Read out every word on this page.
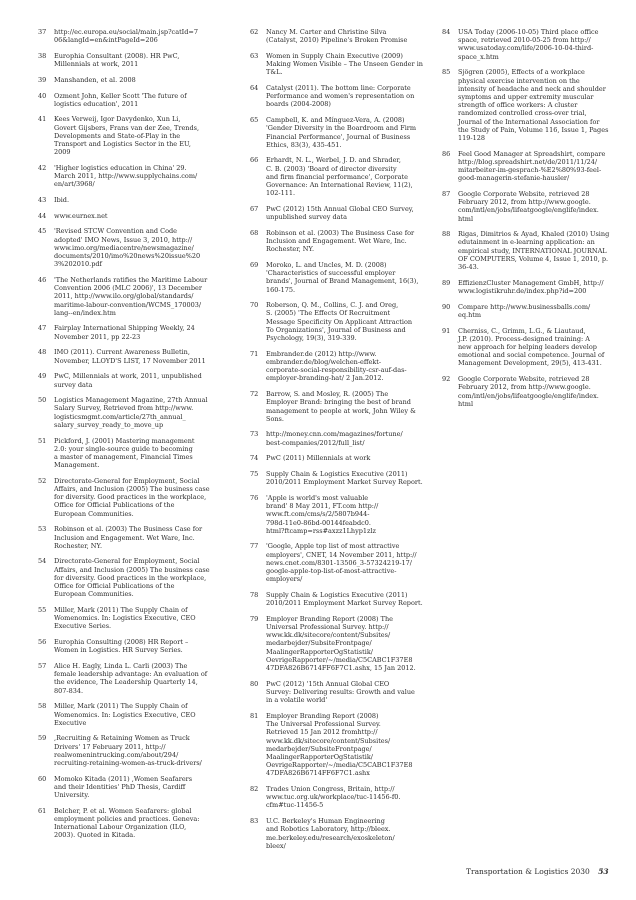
37	http://ec.europa.eu/social/main.jsp?catId=7
06&langId=en&intPageId=206
38	Europhia Consultant (2008). HR PwC,
Millennials at work, 2011
39	Manshanden, et al. 2008
40	Ozment John, Keller Scott 'The future of
logistics education', 2011
41	Kees Verweij, Igor Davydenko, Xun Li,
Govert Gijsbers, Frans van der Zee, Trends,
Developments and State-of-Play in the
Transport and Logistics Sector in the EU,
2009
42	'Higher logistics education in China' 29.
March 2011, http://www.supplychains.com/
en/art/3968/
43	Ibid.
44	www.eurnex.net
45	'Revised STCW Convention and Code
adopted' IMO News, Issue 3, 2010, http://
www.imo.org/mediacentre/newsmagazine/
documents/2010/imo%20news%20issue%20
3%202010.pdf
46	'The Netherlands ratifies the Maritime Labour
Convention 2006 (MLC 2006)', 13 December
2011, http://www.ilo.org/global/standards/
maritime-labour-convention/WCMS_170003/
lang--en/index.htm
47	Fairplay International Shipping Weekly, 24
November 2011, pp 22-23
48	IMO (2011). Current Awareness Bulletin,
November, LLOYD'S LIST, 17 November 2011
49	PwC, Millennials at work, 2011, unpublished
survey data
50	Logistics Management Magazine, 27th Annual
Salary Survey, Retrieved from http://www.
logisticsmgmt.com/article/27th_annual_
salary_survey_ready_to_move_up
51	Pickford, J. (2001) Mastering management
2.0: your single-source guide to becoming
a master of management, Financial Times
Management.
52	Directorate-General for Employment, Social
Affairs, and Inclusion (2005) The business case
for diversity. Good practices in the workplace,
Office for Official Publications of the
European Communities.
53	Robinson et al. (2003) The Business Case for
Inclusion and Engagement. Wet Ware, Inc.
Rochester, NY.
54	Directorate-General for Employment, Social
Affairs, and Inclusion (2005) The business case
for diversity. Good practices in the workplace,
Office for Official Publications of the
European Communities.
55	Miller, Mark (2011) The Supply Chain of
Womenomics. In: Logistics Executive, CEO
Executive Series.
56	Europhia Consulting (2008) HR Report –
Women in Logistics. HR Survey Series.
57	Alice H. Eagly, Linda L. Carli (2003) The
female leadership advantage: An evaluation of
the evidence, The Leadership Quarterly 14,
807-834.
58	Miller, Mark (2011) The Supply Chain of
Womenomics. In: Logistics Executive, CEO
Executive
59	,Recruiting & Retaining Women as Truck
Drivers' 17 February 2011, http://
realwomenintrucking.com/about/294/
recruiting-retaining-women-as-truck-drivers/
60	Momoko Kitada (2011) ,Women Seafarers
and their Identities' PhD Thesis, Cardiff
University.
61	Belcher, P. et al. Women Seafarers: global
employment policies and practices. Geneva:
International Labour Organization (ILO,
2003). Quoted in Kitada.
62	Nancy M. Carter and Christine Silva
(Catalyst, 2010) Pipeline's Broken Promise
63	Women in Supply Chain Executive (2009)
Making Women Visible – The Unseen Gender in
T&L.
64	Catalyst (2011). The bottom line: Corporate
Performance and women's representation on
boards (2004-2008)
65	Campbell, K. and Mínguez-Vera, A. (2008)
'Gender Diversity in the Boardroom and Firm
Financial Performance', Journal of Business
Ethics, 83(3), 435-451.
66	Erhardt, N. L., Werbel, J. D. and Shrader,
C. B. (2003) 'Board of director diversity
and firm financial performance', Corporate
Governance: An International Review, 11(2),
102-111.
67	PwC (2012) 15th Annual Global CEO Survey,
unpublished survey data
68	Robinson et al. (2003) The Business Case for
Inclusion and Engagement. Wet Ware, Inc.
Rochester, NY.
69	Moroko, L. and Uncles, M. D. (2008)
'Characteristics of successful employer
brands', Journal of Brand Management, 16(3),
160-175.
70	Roberson, Q. M., Collins, C. J. and Oreg,
S. (2005) 'The Effects Of Recruitment
Message Specificity On Applicant Attraction
To Organizations', Journal of Business and
Psychology, 19(3), 319-339.
71	Embrander.de (2012) http://www.
embrander.de/blog/welchen-effekt-
corporate-social-responsibility-csr-auf-das-
employer-branding-hat/ 2 Jan.2012.
72	Barrow, S. and Mosley, R. (2005) The
Employer Brand: bringing the best of brand
management to people at work, John Wiley &
Sons.
73	http://money.cnn.com/magazines/fortune/
best-companies/2012/full_list/
74	PwC (2011) Millennials at work
75	Supply Chain & Logistics Executive (2011)
2010/2011 Employment Market Survey Report.
76	'Apple is world's most valuable
brand' 8 May 2011, FT.com http://
www.ft.com/cms/s/2/5807b944-
798d-11e0-86bd-00144feabdc0.
html?ftcamp=rss#axzz1Lhyp1zlz
77	'Google, Apple top list of most attractive
employers', CNET, 14 November 2011, http://
news.cnet.com/8301-13506_3-57324219-17/
google-apple-top-list-of-most-attractive-
employers/
78	Supply Chain & Logistics Executive (2011)
2010/2011 Employment Market Survey Report.
79	Employer Branding Report (2008) The
Universal Professional Survey. http://
www.kk.dk/sitecore/content/Subsites/
medarbejder/SubsiteFrontpage/
MaalingerRapporterOgStatistik/
OevrigeRapporter/~/media/C5CABC1F37E8
47DFA826B6714FF6F7C1.ashx, 15 Jan 2012.
80	PwC (2012) '15th Annual Global CEO
Survey: Delivering results: Growth and value
in a volatile world'
81	Employer Branding Report (2008)
The Universal Professional Survey.
Retrieved 15 Jan 2012 fromhttp://
www.kk.dk/sitecore/content/Subsites/
medarbejder/SubsiteFrontpage/
MaalingerRapporterOgStatistik/
OevrigeRapporter/~/media/C5CABC1F37E8
47DFA826B6714FF6F7C1.ashx
82	Trades Union Congress, Britain, http://
www.tuc.org.uk/workplace/tuc-11456-f0.
cfm#tuc-11456-5
83	U.C. Berkeley's Human Engineering
and Robotics Laboratory, http://bleex.
me.berkeley.edu/research/exoskeleton/
bleex/
84	USA Today (2006-10-05) Third place office
space, retrieved 2010-05-25 from http://
www.usatoday.com/life/2006-10-04-third-
space_x.htm
85	Sjögren (2005), Effects of a workplace
physical exercise intervention on the
intensity of headache and neck and shoulder
symptoms and upper extremity muscular
strength of office workers: A cluster
randomized controlled cross-over trial,
Journal of the International Association for
the Study of Pain, Volume 116, Issue 1, Pages
119-128
86	Feel Good Manager at Spreadshirt, compare
http://blog.spreadshirt.net/de/2011/11/24/
mitarbeiter-im-gesprach-%E2%80%93-feel-
good-managerin-stefanie-hausler/
87	Google Corporate Website, retrieved 28
February 2012, from http://www.google.
com/intl/en/jobs/lifeatgoogle/englife/index.
html
88	Rigas, Dimitrios & Ayad, Khaled (2010) Using
edutainment in e-learning application: an
empirical study, INTERNATIONAL JOURNAL
OF COMPUTERS, Volume 4, Issue 1, 2010, p.
36-43.
89	EffizienzCluster Management GmbH, http://
www.logistikruhr.de/index.php?id=200
90	Compare http://www.businessballs.com/
eq.htm
91	Cherniss, C., Grimm, L.G., & Liautaud,
J.P. (2010). Process-designed training: A
new approach for helping leaders develop
emotional and social competence. Journal of
Management Development, 29(5), 413-431.
92	Google Corporate Website, retrieved 28
February 2012, from http://www.google.
com/intl/en/jobs/lifeatgoogle/englife/index.
html
Transportation & Logistics 2030 53
